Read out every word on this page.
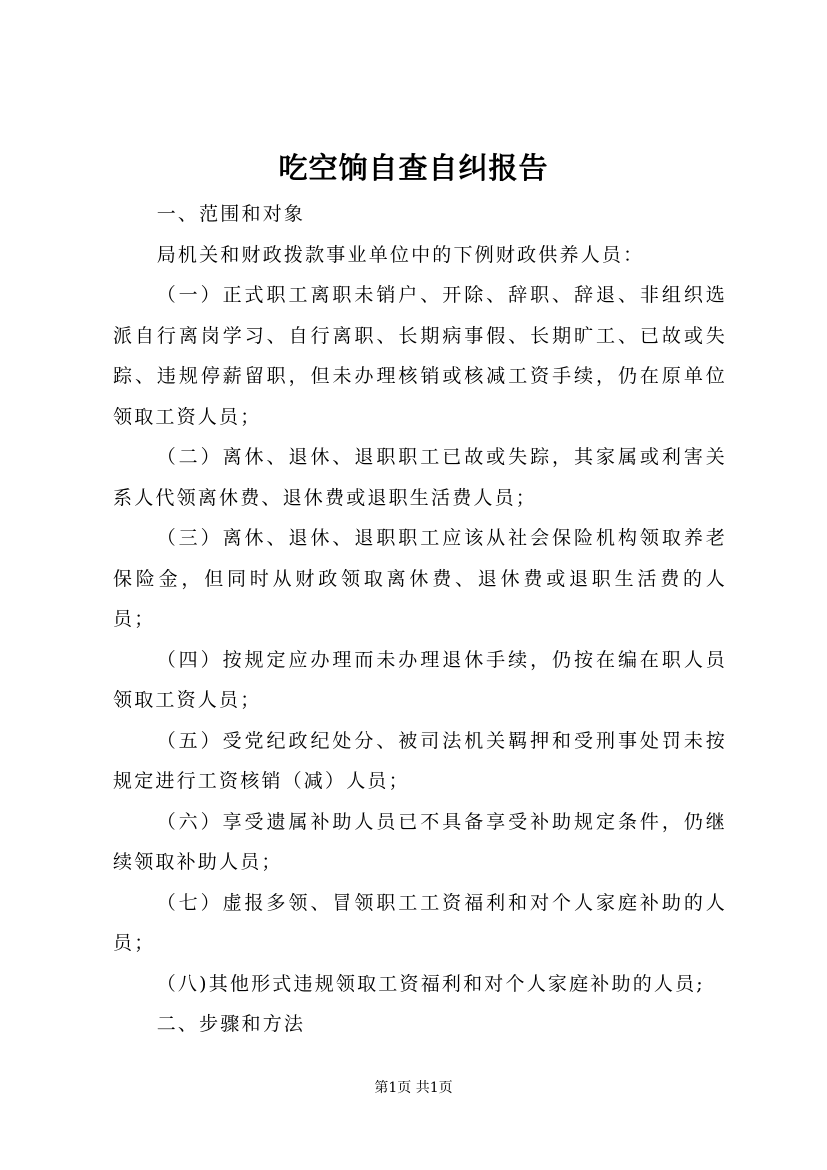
吃空饷自查自纠报告

一、范围和对象

局机关和财政拨款事业单位中的下例财政供养人员：

（一）正式职工离职未销户、开除、辞职、辞退、非组织选派自行离岗学习、自行离职、长期病事假、长期旷工、已故或失踪、违规停薪留职，但未办理核销或核减工资手续，仍在原单位领取工资人员；

（二）离休、退休、退职职工已故或失踪，其家属或利害关系人代领离休费、退休费或退职生活费人员；

（三）离休、退休、退职职工应该从社会保险机构领取养老保险金，但同时从财政领取离休费、退休费或退职生活费的人员；

（四）按规定应办理而未办理退休手续，仍按在编在职人员领取工资人员；

（五）受党纪政纪处分、被司法机关羁押和受刑事处罚未按规定进行工资核销（减）人员；

（六）享受遗属补助人员已不具备享受补助规定条件，仍继续领取补助人员；

（七）虚报多领、冒领职工工资福利和对个人家庭补助的人员；

（八)其他形式违规领取工资福利和对个人家庭补助的人员;

二、步骤和方法

第1页 共1页
